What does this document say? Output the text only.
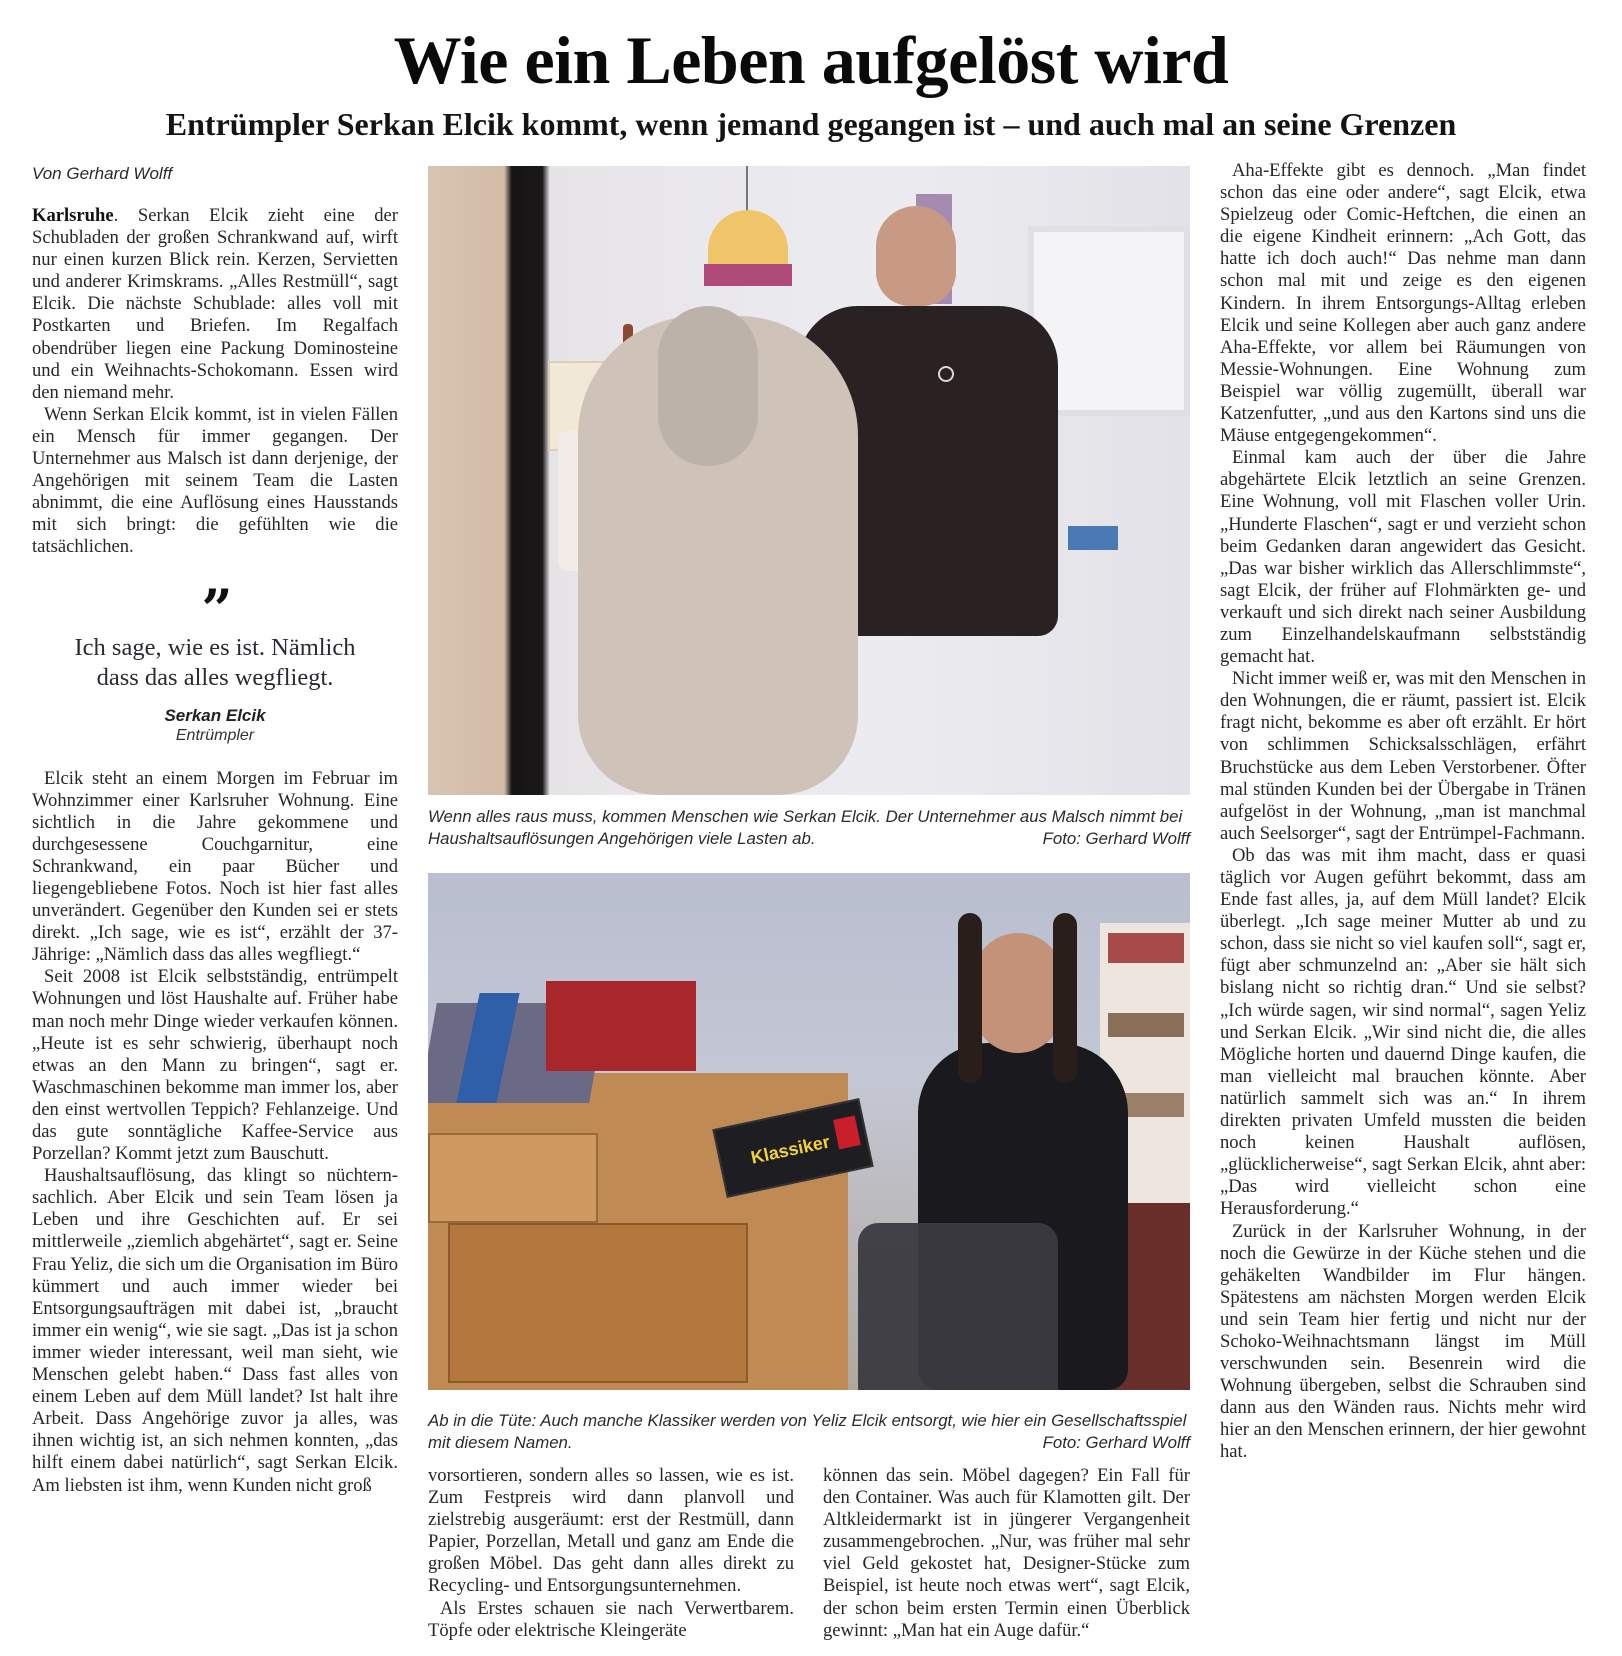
Wie ein Leben aufgelöst wird
Entrümpler Serkan Elcik kommt, wenn jemand gegangen ist – und auch mal an seine Grenzen
Von Gerhard Wolff

Karlsruhe. Serkan Elcik zieht eine der Schubladen der großen Schrankwand auf, wirft nur einen kurzen Blick rein. Kerzen, Servietten und anderer Krimskrams. „Alles Restmüll“, sagt Elcik. Die nächste Schublade: alles voll mit Postkarten und Briefen. Im Regalfach obendrüber liegen eine Packung Dominosteine und ein Weihnachts-Schokomann. Essen wird den niemand mehr.

Wenn Serkan Elcik kommt, ist in vielen Fällen ein Mensch für immer gegangen. Der Unternehmer aus Malsch ist dann derjenige, der Angehörigen mit seinem Team die Lasten abnimmt, die eine Auflösung eines Hausstands mit sich bringt: die gefühlten wie die tatsächlichen.

”
Ich sage, wie es ist. Nämlich dass das alles wegfliegt.
Serkan Elcik
Entrümpler

Elcik steht an einem Morgen im Februar im Wohnzimmer einer Karlsruher Wohnung. Eine sichtlich in die Jahre gekommene und durchgesessene Couchgarnitur, eine Schrankwand, ein paar Bücher und liegengebliebene Fotos. Noch ist hier fast alles unverändert. Gegenüber den Kunden sei er stets direkt. „Ich sage, wie es ist“, erzählt der 37-Jährige: „Nämlich dass das alles wegfliegt.“

Seit 2008 ist Elcik selbstständig, entrümpelt Wohnungen und löst Haushalte auf. Früher habe man noch mehr Dinge wieder verkaufen können. „Heute ist es sehr schwierig, überhaupt noch etwas an den Mann zu bringen“, sagt er. Waschmaschinen bekomme man immer los, aber den einst wertvollen Teppich? Fehlanzeige. Und das gute sonntägliche Kaffee-Service aus Porzellan? Kommt jetzt zum Bauschutt.

Haushaltsauflösung, das klingt so nüchtern-sachlich. Aber Elcik und sein Team lösen ja Leben und ihre Geschichten auf. Er sei mittlerweile „ziemlich abgehärtet“, sagt er. Seine Frau Yeliz, die sich um die Organisation im Büro kümmert und auch immer wieder bei Entsorgungsaufträgen mit dabei ist, „braucht immer ein wenig“, wie sie sagt. „Das ist ja schon immer wieder interessant, weil man sieht, wie Menschen gelebt haben.“ Dass fast alles von einem Leben auf dem Müll landet? Ist halt ihre Arbeit. Dass Angehörige zuvor ja alles, was ihnen wichtig ist, an sich nehmen konnten, „das hilft einem dabei natürlich“, sagt Serkan Elcik. Am liebsten ist ihm, wenn Kunden nicht groß

Wenn alles raus muss, kommen Menschen wie Serkan Elcik. Der Unternehmer aus Malsch nimmt bei Haushaltsauflösungen Angehörigen viele Lasten ab.	Foto: Gerhard Wolff
Klassiker
Ab in die Tüte: Auch manche Klassiker werden von Yeliz Elcik entsorgt, wie hier ein Gesellschaftsspiel mit diesem Namen.	Foto: Gerhard Wolff

vorsortieren, sondern alles so lassen, wie es ist. Zum Festpreis wird dann planvoll und zielstrebig ausgeräumt: erst der Restmüll, dann Papier, Porzellan, Metall und ganz am Ende die großen Möbel. Das geht dann alles direkt zu Recycling- und Entsorgungsunternehmen.

Als Erstes schauen sie nach Verwertbarem. Töpfe oder elektrische Kleingeräte

können das sein. Möbel dagegen? Ein Fall für den Container. Was auch für Klamotten gilt. Der Altkleidermarkt ist in jüngerer Vergangenheit zusammengebrochen. „Nur, was früher mal sehr viel Geld gekostet hat, Designer-Stücke zum Beispiel, ist heute noch etwas wert“, sagt Elcik, der schon beim ersten Termin einen Überblick gewinnt: „Man hat ein Auge dafür.“

Aha-Effekte gibt es dennoch. „Man findet schon das eine oder andere“, sagt Elcik, etwa Spielzeug oder Comic-Heftchen, die einen an die eigene Kindheit erinnern: „Ach Gott, das hatte ich doch auch!“ Das nehme man dann schon mal mit und zeige es den eigenen Kindern. In ihrem Entsorgungs-Alltag erleben Elcik und seine Kollegen aber auch ganz andere Aha-Effekte, vor allem bei Räumungen von Messie-Wohnungen. Eine Wohnung zum Beispiel war völlig zugemüllt, überall war Katzenfutter, „und aus den Kartons sind uns die Mäuse entgegengekommen“.

Einmal kam auch der über die Jahre abgehärtete Elcik letztlich an seine Grenzen. Eine Wohnung, voll mit Flaschen voller Urin. „Hunderte Flaschen“, sagt er und verzieht schon beim Gedanken daran angewidert das Gesicht. „Das war bisher wirklich das Allerschlimmste“, sagt Elcik, der früher auf Flohmärkten ge- und verkauft und sich direkt nach seiner Ausbildung zum Einzelhandelskaufmann selbstständig gemacht hat.

Nicht immer weiß er, was mit den Menschen in den Wohnungen, die er räumt, passiert ist. Elcik fragt nicht, bekomme es aber oft erzählt. Er hört von schlimmen Schicksalsschlägen, erfährt Bruchstücke aus dem Leben Verstorbener. Öfter mal stünden Kunden bei der Übergabe in Tränen aufgelöst in der Wohnung, „man ist manchmal auch Seelsorger“, sagt der Entrümpel-Fachmann.

Ob das was mit ihm macht, dass er quasi täglich vor Augen geführt bekommt, dass am Ende fast alles, ja, auf dem Müll landet? Elcik überlegt. „Ich sage meiner Mutter ab und zu schon, dass sie nicht so viel kaufen soll“, sagt er, fügt aber schmunzelnd an: „Aber sie hält sich bislang nicht so richtig dran.“ Und sie selbst? „Ich würde sagen, wir sind normal“, sagen Yeliz und Serkan Elcik. „Wir sind nicht die, die alles Mögliche horten und dauernd Dinge kaufen, die man vielleicht mal brauchen könnte. Aber natürlich sammelt sich was an.“ In ihrem direkten privaten Umfeld mussten die beiden noch keinen Haushalt auflösen, „glücklicherweise“, sagt Serkan Elcik, ahnt aber: „Das wird vielleicht schon eine Herausforderung.“

Zurück in der Karlsruher Wohnung, in der noch die Gewürze in der Küche stehen und die gehäkelten Wandbilder im Flur hängen. Spätestens am nächsten Morgen werden Elcik und sein Team hier fertig und nicht nur der Schoko-Weihnachtsmann längst im Müll verschwunden sein. Besenrein wird die Wohnung übergeben, selbst die Schrauben sind dann aus den Wänden raus. Nichts mehr wird hier an den Menschen erinnern, der hier gewohnt hat.
